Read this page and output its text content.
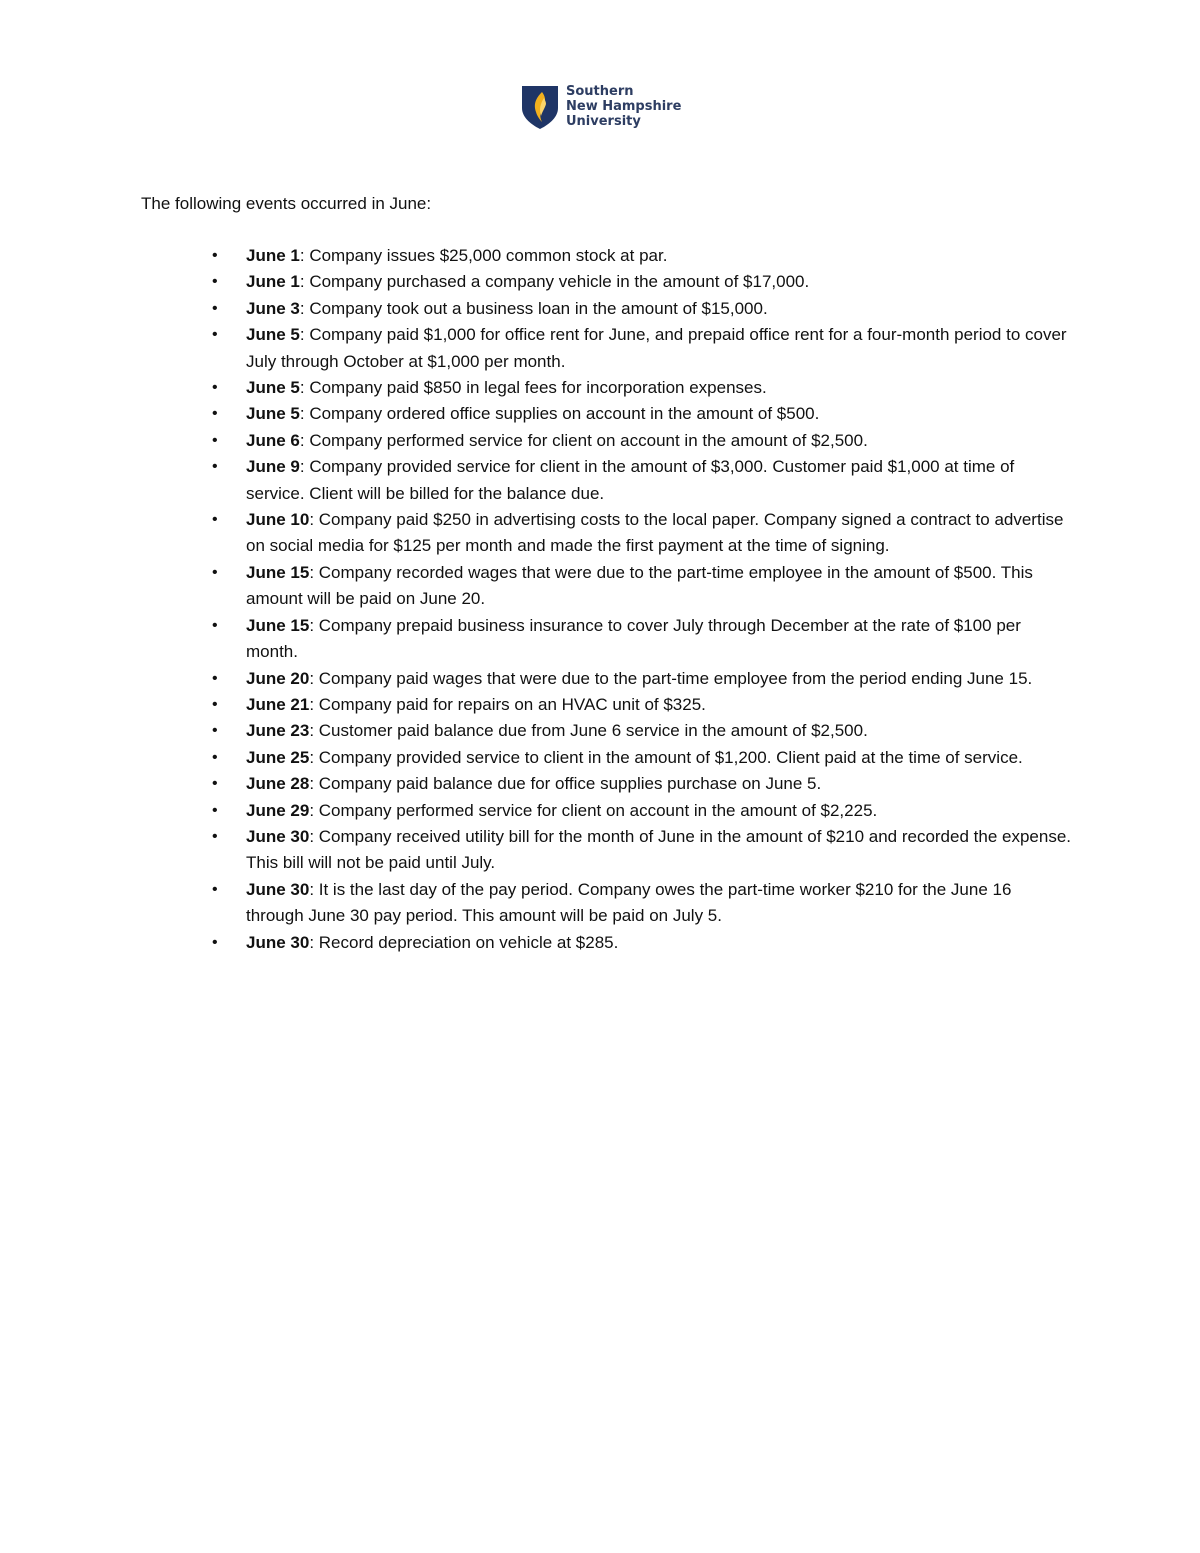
Southern
New Hampshire
University

The following events occurred in June:

• June 1: Company issues $25,000 common stock at par.
• June 1: Company purchased a company vehicle in the amount of $17,000.
• June 3: Company took out a business loan in the amount of $15,000.
• June 5: Company paid $1,000 for office rent for June, and prepaid office rent for a four-month period to cover July through October at $1,000 per month.
• June 5: Company paid $850 in legal fees for incorporation expenses.
• June 5: Company ordered office supplies on account in the amount of $500.
• June 6: Company performed service for client on account in the amount of $2,500.
• June 9: Company provided service for client in the amount of $3,000. Customer paid $1,000 at time of service. Client will be billed for the balance due.
• June 10: Company paid $250 in advertising costs to the local paper. Company signed a contract to advertise on social media for $125 per month and made the first payment at the time of signing.
• June 15: Company recorded wages that were due to the part-time employee in the amount of $500. This amount will be paid on June 20.
• June 15: Company prepaid business insurance to cover July through December at the rate of $100 per month.
• June 20: Company paid wages that were due to the part-time employee from the period ending June 15.
• June 21: Company paid for repairs on an HVAC unit of $325.
• June 23: Customer paid balance due from June 6 service in the amount of $2,500.
• June 25: Company provided service to client in the amount of $1,200. Client paid at the time of service.
• June 28: Company paid balance due for office supplies purchase on June 5.
• June 29: Company performed service for client on account in the amount of $2,225.
• June 30: Company received utility bill for the month of June in the amount of $210 and recorded the expense. This bill will not be paid until July.
• June 30: It is the last day of the pay period. Company owes the part-time worker $210 for the June 16 through June 30 pay period. This amount will be paid on July 5.
• June 30: Record depreciation on vehicle at $285.
